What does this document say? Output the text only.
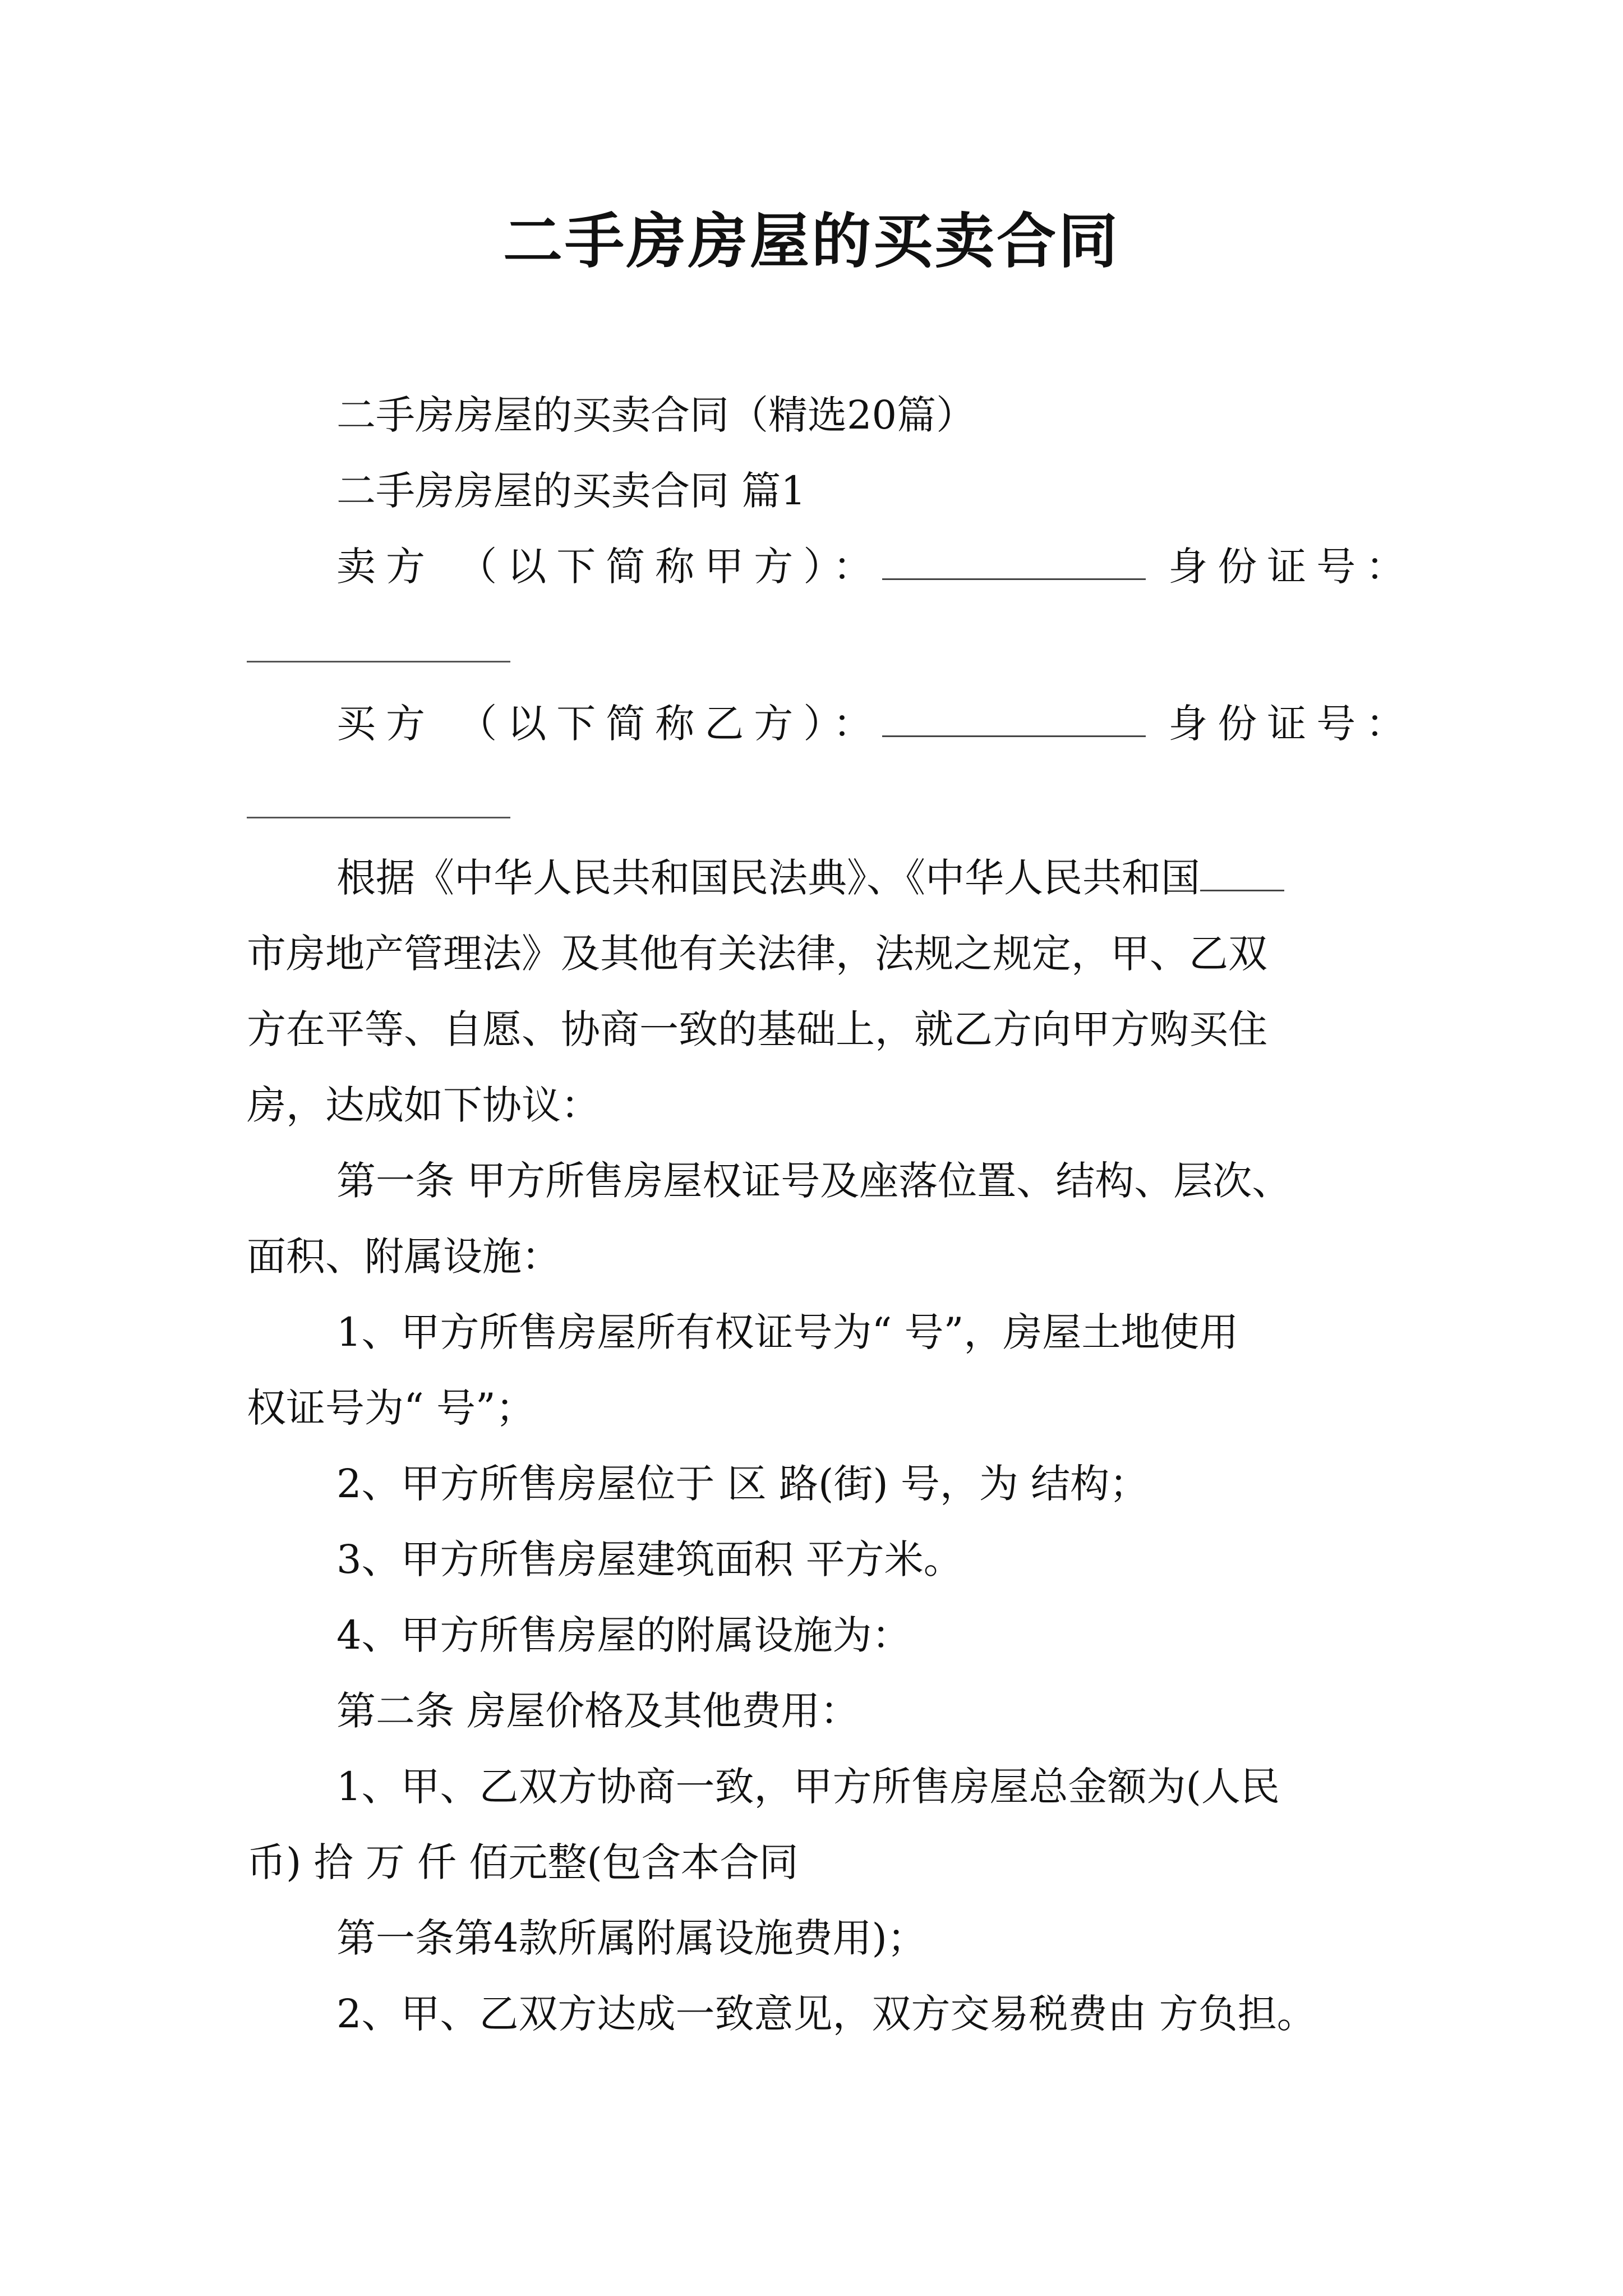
二手房房屋的买卖合同
二手房房屋的买卖合同（精选20篇）
二手房房屋的买卖合同 篇1
卖方 （以下简称甲方）：	身份证号：
买方 （以下简称乙方）：	身份证号：
根据《中华人民共和国民法典》、《中华人民共和国
市房地产管理法》及其他有关法律，法规之规定，甲、乙双
方在平等、自愿、协商一致的基础上，就乙方向甲方购买住
房，达成如下协议：
第一条 甲方所售房屋权证号及座落位置、结构、层次、
面积、附属设施：
1、甲方所售房屋所有权证号为“ 号”，房屋土地使用
权证号为“ 号”；
2、甲方所售房屋位于 区 路(街) 号，为 结构；
3、甲方所售房屋建筑面积 平方米。
4、甲方所售房屋的附属设施为：
第二条 房屋价格及其他费用：
1、甲、乙双方协商一致，甲方所售房屋总金额为(人民
币) 拾 万 仟 佰元整(包含本合同
第一条第4款所属附属设施费用)；
2、甲、乙双方达成一致意见，双方交易税费由 方负担。
